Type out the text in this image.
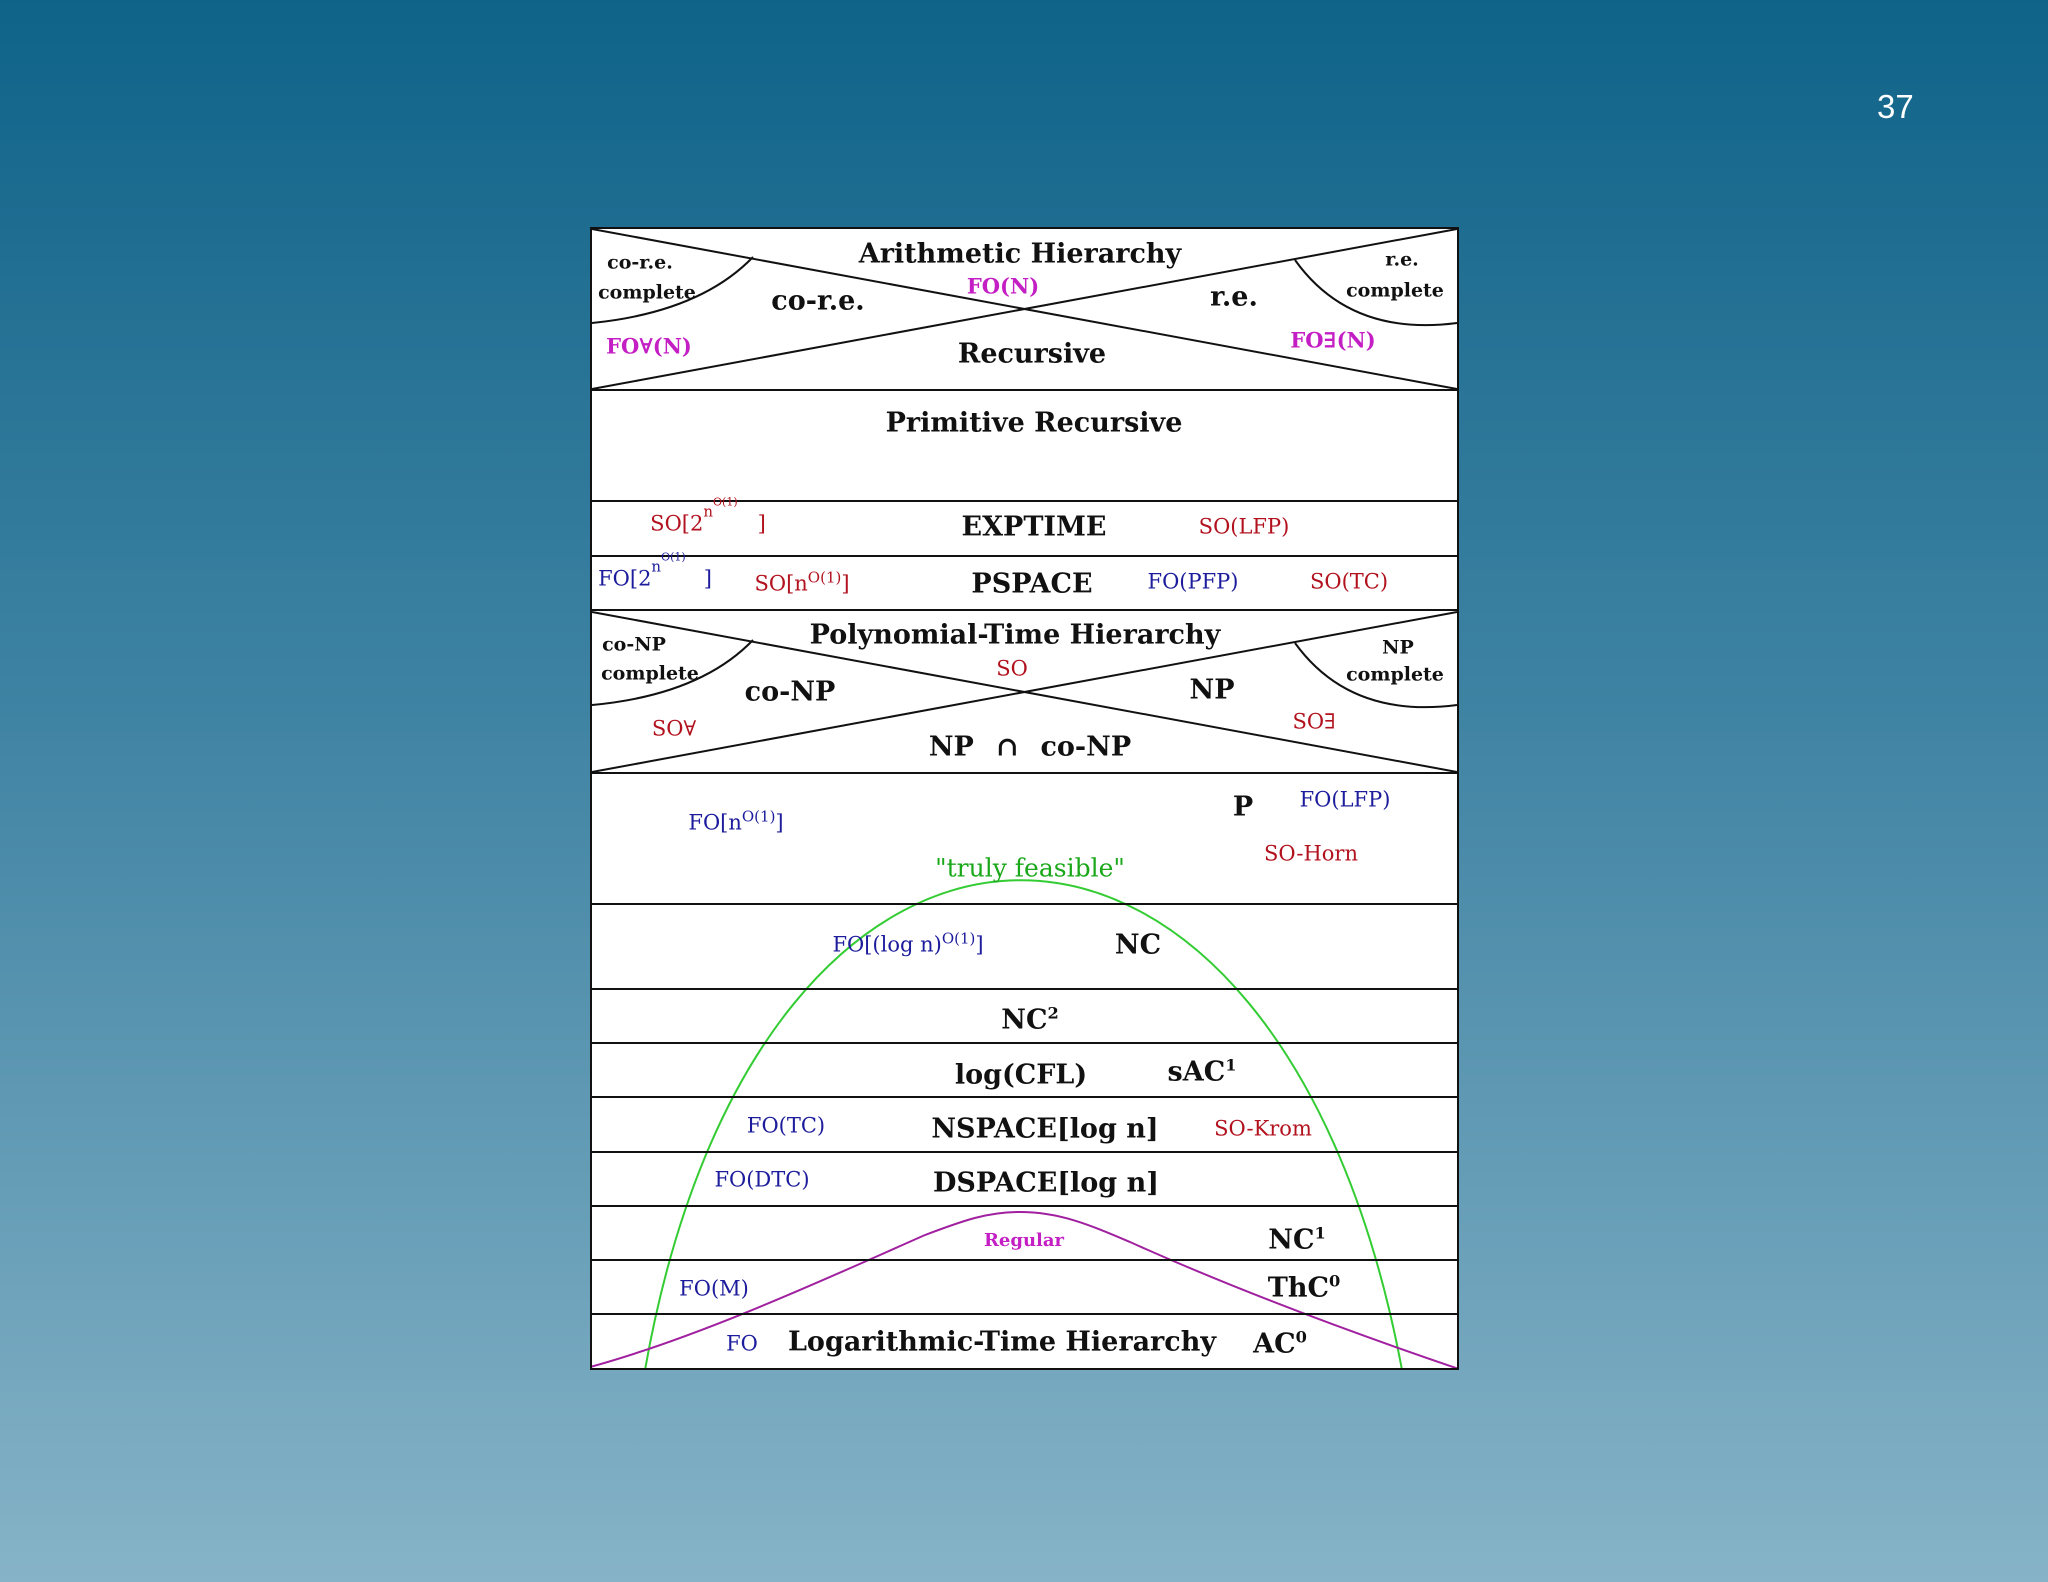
37
Arithmetic Hierarchy
FO(N)
co-r.e.	r.e.
co-r.e.
complete
r.e.
complete
FO∀(N)	FO∃(N)
Recursive
Primitive Recursive
$SO[2^{n^{O(1)}}]$	EXPTIME	SO(LFP)
$FO[2^{n^{O(1)}}]$ $SO[n^{O(1)}]$	PSPACE	FO(PFP)	SO(TC)
Polynomial-Time Hierarchy
SO
co-NP
complete
NP
complete
co-NP	NP
SO∀	SO∃
NP ∩ co-NP
$FO[n^{O(1)}]$	P FO(LFP)
SO-Horn
"truly feasible"
FO[(log n)$^{O(1)}$]	NC
$NC^2$
log(CFL)	sAC$^1$
FO(TC)	NSPACE[log n]	SO-Krom
FO(DTC)	DSPACE[log n]
Regular	$NC^1$
FO(M)	ThC$^0$
FO Logarithmic-Time Hierarchy $AC^0$
